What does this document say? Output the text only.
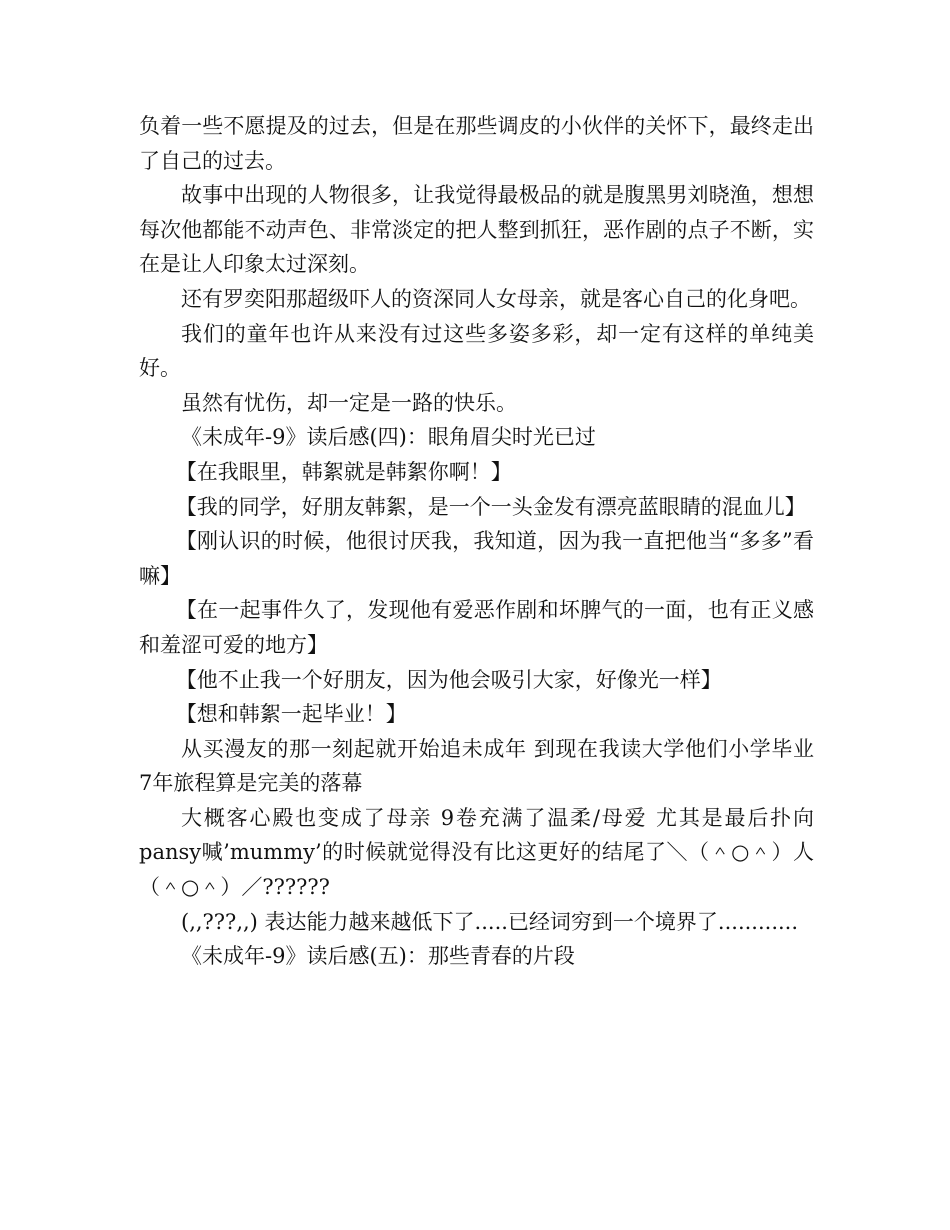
负着一些不愿提及的过去，但是在那些调皮的小伙伴的关怀下，最终走出了自己的过去。

故事中出现的人物很多，让我觉得最极品的就是腹黑男刘晓渔，想想每次他都能不动声色、非常淡定的把人整到抓狂，恶作剧的点子不断，实在是让人印象太过深刻。

还有罗奕阳那超级吓人的资深同人女母亲，就是客心自己的化身吧。

我们的童年也许从来没有过这些多姿多彩，却一定有这样的单纯美好。

虽然有忧伤，却一定是一路的快乐。

《未成年-9》读后感(四)：眼角眉尖时光已过

【在我眼里，韩絮就是韩絮你啊！】

【我的同学，好朋友韩絮，是一个一头金发有漂亮蓝眼睛的混血儿】

【刚认识的时候，他很讨厌我，我知道，因为我一直把他当“多多”看嘛】

【在一起事件久了，发现他有爱恶作剧和坏脾气的一面，也有正义感和羞涩可爱的地方】

【他不止我一个好朋友，因为他会吸引大家，好像光一样】

【想和韩絮一起毕业！】

从买漫友的那一刻起就开始追未成年 到现在我读大学他们小学毕业 7年旅程算是完美的落幕

大概客心殿也变成了母亲 9卷充满了温柔/母爱 尤其是最后扑向pansy喊’mummy’的时候就觉得没有比这更好的结尾了＼（＾○＾）人（＾○＾）／??????

(,,???,,) 表达能力越来越低下了.....已经词穷到一个境界了............

《未成年-9》读后感(五)：那些青春的片段
